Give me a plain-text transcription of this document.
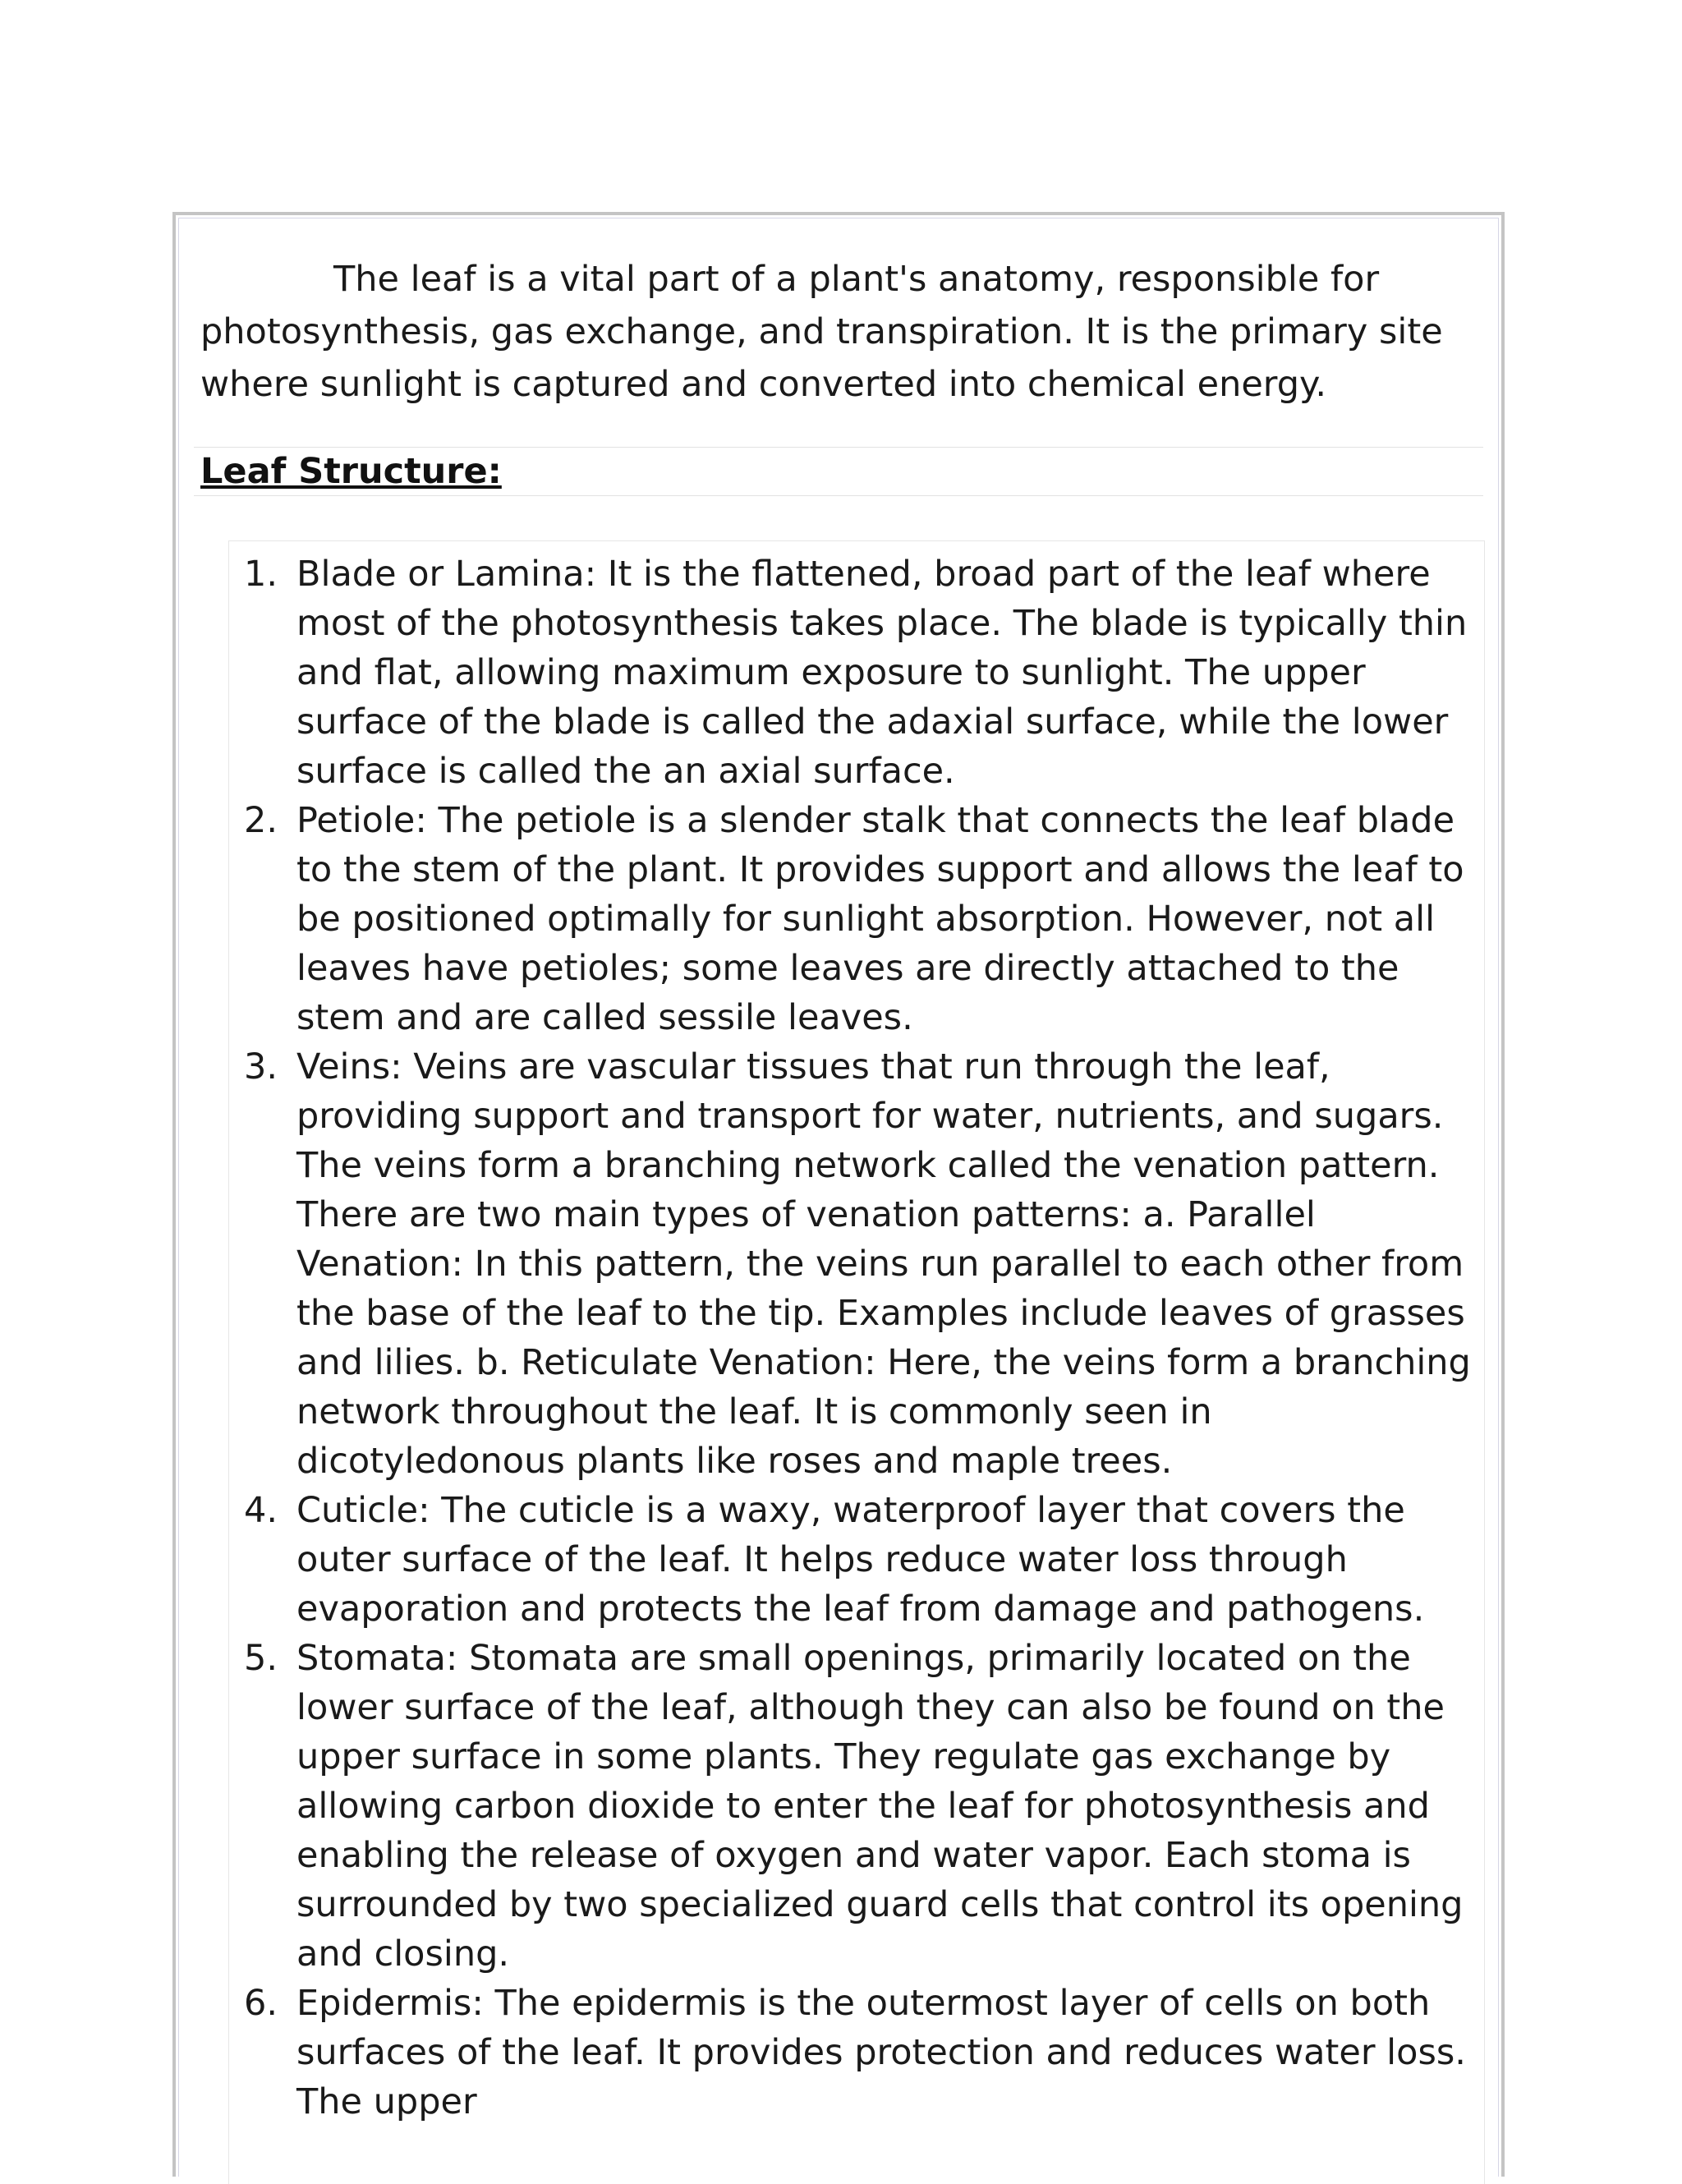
The leaf is a vital part of a plant's anatomy, responsible for photosynthesis, gas exchange, and transpiration. It is the primary site where sunlight is captured and converted into chemical energy.

Leaf Structure:
1. Blade or Lamina: It is the flattened, broad part of the leaf where most of the photosynthesis takes place. The blade is typically thin and flat, allowing maximum exposure to sunlight. The upper surface of the blade is called the adaxial surface, while the lower surface is called the an axial surface.
2. Petiole: The petiole is a slender stalk that connects the leaf blade to the stem of the plant. It provides support and allows the leaf to be positioned optimally for sunlight absorption. However, not all leaves have petioles; some leaves are directly attached to the stem and are called sessile leaves.
3. Veins: Veins are vascular tissues that run through the leaf, providing support and transport for water, nutrients, and sugars. The veins form a branching network called the venation pattern. There are two main types of venation patterns: a. Parallel Venation: In this pattern, the veins run parallel to each other from the base of the leaf to the tip. Examples include leaves of grasses and lilies. b. Reticulate Venation: Here, the veins form a branching network throughout the leaf. It is commonly seen in dicotyledonous plants like roses and maple trees.
4. Cuticle: The cuticle is a waxy, waterproof layer that covers the outer surface of the leaf. It helps reduce water loss through evaporation and protects the leaf from damage and pathogens.
5. Stomata: Stomata are small openings, primarily located on the lower surface of the leaf, although they can also be found on the upper surface in some plants. They regulate gas exchange by allowing carbon dioxide to enter the leaf for photosynthesis and enabling the release of oxygen and water vapor. Each stoma is surrounded by two specialized guard cells that control its opening and closing.
6. Epidermis: The epidermis is the outermost layer of cells on both surfaces of the leaf. It provides protection and reduces water loss. The upper
